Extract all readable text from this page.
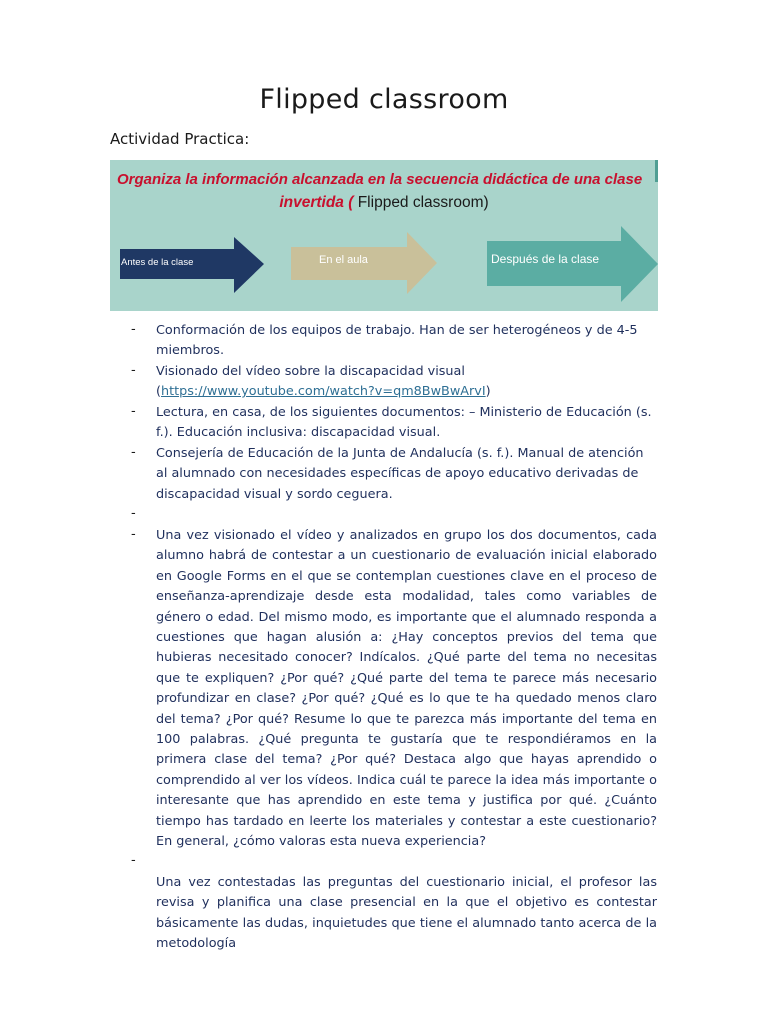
Flipped classroom
Actividad Practica:
Organiza la información alcanzada en la secuencia didáctica de una clase
invertida ( Flipped classroom)
Antes de la clase	En el aula	Después de la clase
- Conformación de los equipos de trabajo. Han de ser heterogéneos y de 4-5 miembros.
- Visionado del vídeo sobre la discapacidad visual (https://www.youtube.com/watch?v=qm8BwBwArvI)
- Lectura, en casa, de los siguientes documentos: – Ministerio de Educación (s. f.). Educación inclusiva: discapacidad visual.
- Consejería de Educación de la Junta de Andalucía (s. f.). Manual de atención al alumnado con necesidades específicas de apoyo educativo derivadas de discapacidad visual y sordo ceguera.
-
- Una vez visionado el vídeo y analizados en grupo los dos documentos, cada alumno habrá de contestar a un cuestionario de evaluación inicial elaborado en Google Forms en el que se contemplan cuestiones clave en el proceso de enseñanza-aprendizaje desde esta modalidad, tales como variables de género o edad. Del mismo modo, es importante que el alumnado responda a cuestiones que hagan alusión a: ¿Hay conceptos previos del tema que hubieras necesitado conocer? Indícalos. ¿Qué parte del tema no necesitas que te expliquen? ¿Por qué? ¿Qué parte del tema te parece más necesario profundizar en clase? ¿Por qué? ¿Qué es lo que te ha quedado menos claro del tema? ¿Por qué? Resume lo que te parezca más importante del tema en 100 palabras. ¿Qué pregunta te gustaría que te respondiéramos en la primera clase del tema? ¿Por qué? Destaca algo que hayas aprendido o comprendido al ver los vídeos. Indica cuál te parece la idea más importante o interesante que has aprendido en este tema y justifica por qué. ¿Cuánto tiempo has tardado en leerte los materiales y contestar a este cuestionario? En general, ¿cómo valoras esta nueva experiencia?
-
Una vez contestadas las preguntas del cuestionario inicial, el profesor las revisa y planifica una clase presencial en la que el objetivo es contestar básicamente las dudas, inquietudes que tiene el alumnado tanto acerca de la metodología
